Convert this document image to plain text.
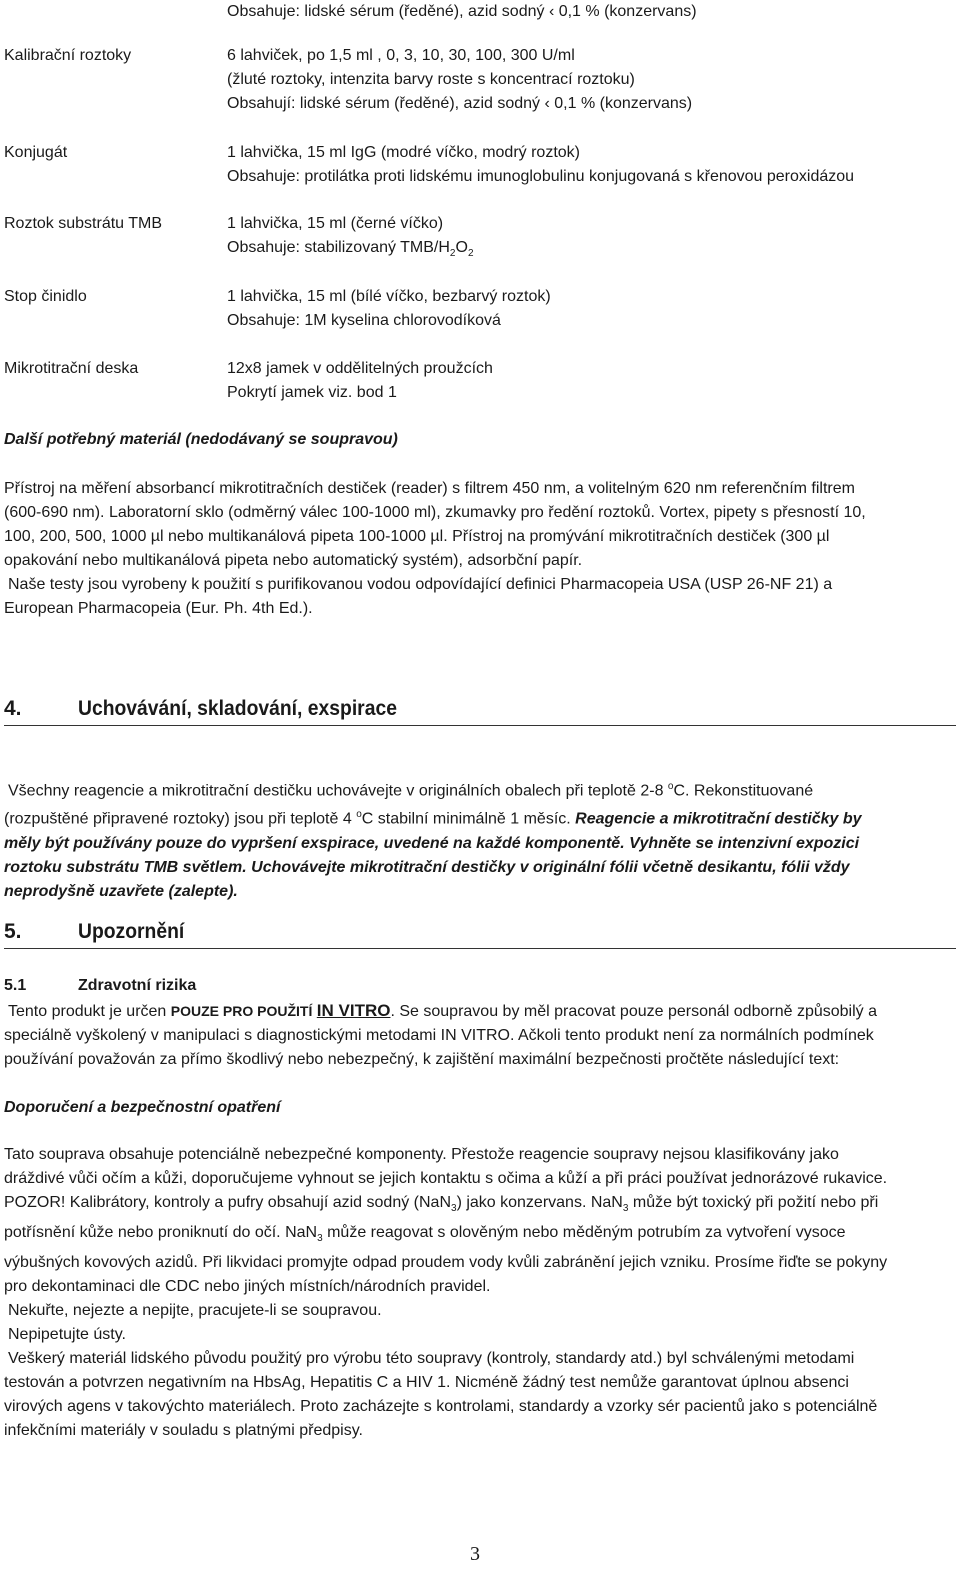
Obsahuje: lidské sérum (ředěné), azid sodný ‹ 0,1 % (konzervans)
Kalibrační roztoky	6 lahviček, po 1,5 ml , 0, 3, 10, 30, 100, 300 U/ml
(žluté roztoky, intenzita barvy roste s koncentrací roztoku)
Obsahují: lidské sérum (ředěné), azid sodný ‹ 0,1 % (konzervans)
Konjugát	1 lahvička, 15 ml IgG (modré víčko, modrý roztok)
Obsahuje: protilátka proti lidskému imunoglobulinu konjugovaná s křenovou peroxidázou
Roztok substrátu TMB	1 lahvička, 15 ml (černé víčko)
Obsahuje: stabilizovaný TMB/$H_2O_2$
Stop činidlo	1 lahvička, 15 ml (bílé víčko, bezbarvý roztok)
Obsahuje: 1M kyselina chlorovodíková
Mikrotitrační deska	12x8 jamek v oddělitelných proužcích
Pokrytí jamek viz. bod 1
Další potřebný materiál (nedodávaný se soupravou)
Přístroj na měření absorbancí mikrotitračních destiček (reader) s filtrem 450 nm, a volitelným 620 nm referenčním filtrem
(600-690 nm). Laboratorní sklo (odměrný válec 100-1000 ml), zkumavky pro ředění roztoků. Vortex, pipety s přesností 10,
100, 200, 500, 1000 µl nebo multikanálová pipeta 100-1000 µl. Přístroj na promývání mikrotitračních destiček (300 µl
opakování nebo multikanálová pipeta nebo automatický systém), adsorbční papír.
Naše testy jsou vyrobeny k použití s purifikovanou vodou odpovídající definici Pharmacopeia USA (USP 26-NF 21) a
European Pharmacopeia (Eur. Ph. 4th Ed.).
4.	Uchovávání, skladování, exspirace
Všechny reagencie a mikrotitrační destičku uchovávejte v originálních obalech při teplotě 2-8 $^o$C. Rekonstituované
(rozpuštěné připravené roztoky) jsou při teplotě 4 $^o$C stabilní minimálně 1 měsíc. Reagencie a mikrotitrační destičky by
měly být používány pouze do vypršení exspirace, uvedené na každé komponentě. Vyhněte se intenzivní expozici
roztoku substrátu TMB světlem. Uchovávejte mikrotitrační destičky v originální fólii včetně desikantu, fólii vždy
neprodyšně uzavřete (zalepte).
5.	Upozornění
5.1	Zdravotní rizika
Tento produkt je určen POUZE PRO POUŽITÍ IN VITRO. Se soupravou by měl pracovat pouze personál odborně způsobilý a
speciálně vyškolený v manipulaci s diagnostickými metodami IN VITRO. Ačkoli tento produkt není za normálních podmínek
používání považován za přímo škodlivý nebo nebezpečný, k zajištění maximální bezpečnosti pročtěte následující text:
Doporučení a bezpečnostní opatření
Tato souprava obsahuje potenciálně nebezpečné komponenty. Přestože reagencie soupravy nejsou klasifikovány jako
dráždivé vůči očím a kůži, doporučujeme vyhnout se jejich kontaktu s očima a kůží a při práci používat jednorázové rukavice.
POZOR! Kalibrátory, kontroly a pufry obsahují azid sodný (NaN$_3$) jako konzervans. NaN$_3$ může být toxický při požití nebo při
potřísnění kůže nebo proniknutí do očí. NaN$_3$ může reagovat s olověným nebo měděným potrubím za vytvoření vysoce
výbušných kovových azidů. Při likvidaci promyjte odpad proudem vody kvůli zabránění jejich vzniku. Prosíme řiďte se pokyny
pro dekontaminaci dle CDC nebo jiných místních/národních pravidel.
Nekuřte, nejezte a nepijte, pracujete-li se soupravou.
Nepipetujte ústy.
Veškerý materiál lidského původu použitý pro výrobu této soupravy (kontroly, standardy atd.) byl schválenými metodami
testován a potvrzen negativním na HbsAg, Hepatitis C a HIV 1. Nicméně žádný test nemůže garantovat úplnou absenci
virových agens v takovýchto materiálech. Proto zacházejte s kontrolami, standardy a vzorky sér pacientů jako s potenciálně
infekčními materiály v souladu s platnými předpisy.
3
